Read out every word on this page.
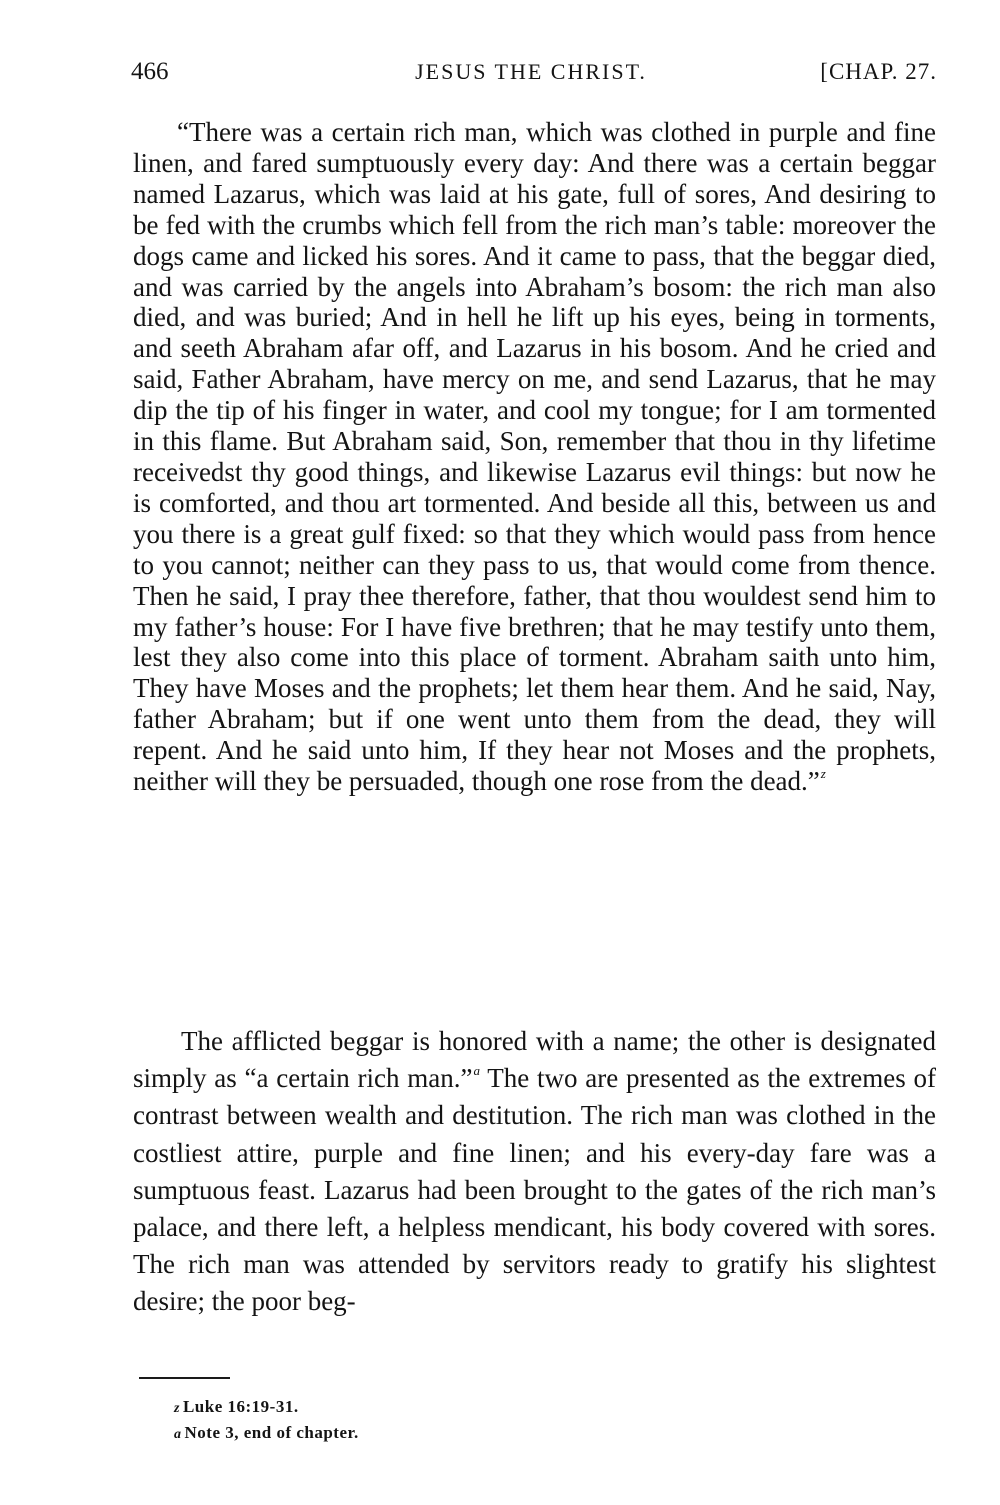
466	JESUS THE CHRIST.	[CHAP. 27.

“There was a certain rich man, which was clothed in purple and fine linen, and fared sumptuously every day: And there was a certain beggar named Lazarus, which was laid at his gate, full of sores, And desiring to be fed with the crumbs which fell from the rich man’s table: moreover the dogs came and licked his sores. And it came to pass, that the beggar died, and was carried by the angels into Abraham’s bosom: the rich man also died, and was buried; And in hell he lift up his eyes, being in torments, and seeth Abraham afar off, and Lazarus in his bosom. And he cried and said, Father Abraham, have mercy on me, and send Lazarus, that he may dip the tip of his finger in water, and cool my tongue; for I am tormented in this flame. But Abraham said, Son, remember that thou in thy lifetime receivedst thy good things, and likewise Lazarus evil things: but now he is comforted, and thou art tormented. And beside all this, between us and you there is a great gulf fixed: so that they which would pass from hence to you cannot; neither can they pass to us, that would come from thence. Then he said, I pray thee therefore, father, that thou wouldest send him to my father’s house: For I have five brethren; that he may testify unto them, lest they also come into this place of torment. Abraham saith unto him, They have Moses and the prophets; let them hear them. And he said, Nay, father Abraham; but if one went unto them from the dead, they will repent. And he said unto him, If they hear not Moses and the prophets, neither will they be persuaded, though one rose from the dead.”$^z$

The afflicted beggar is honored with a name; the other is designated simply as “a certain rich man.”$^a$ The two are presented as the extremes of contrast between wealth and destitution. The rich man was clothed in the costliest attire, purple and fine linen; and his every-day fare was a sumptuous feast. Lazarus had been brought to the gates of the rich man’s palace, and there left, a helpless mendicant, his body covered with sores. The rich man was attended by servitors ready to gratify his slightest desire; the poor beg-

z Luke 16:19-31.
a Note 3, end of chapter.
